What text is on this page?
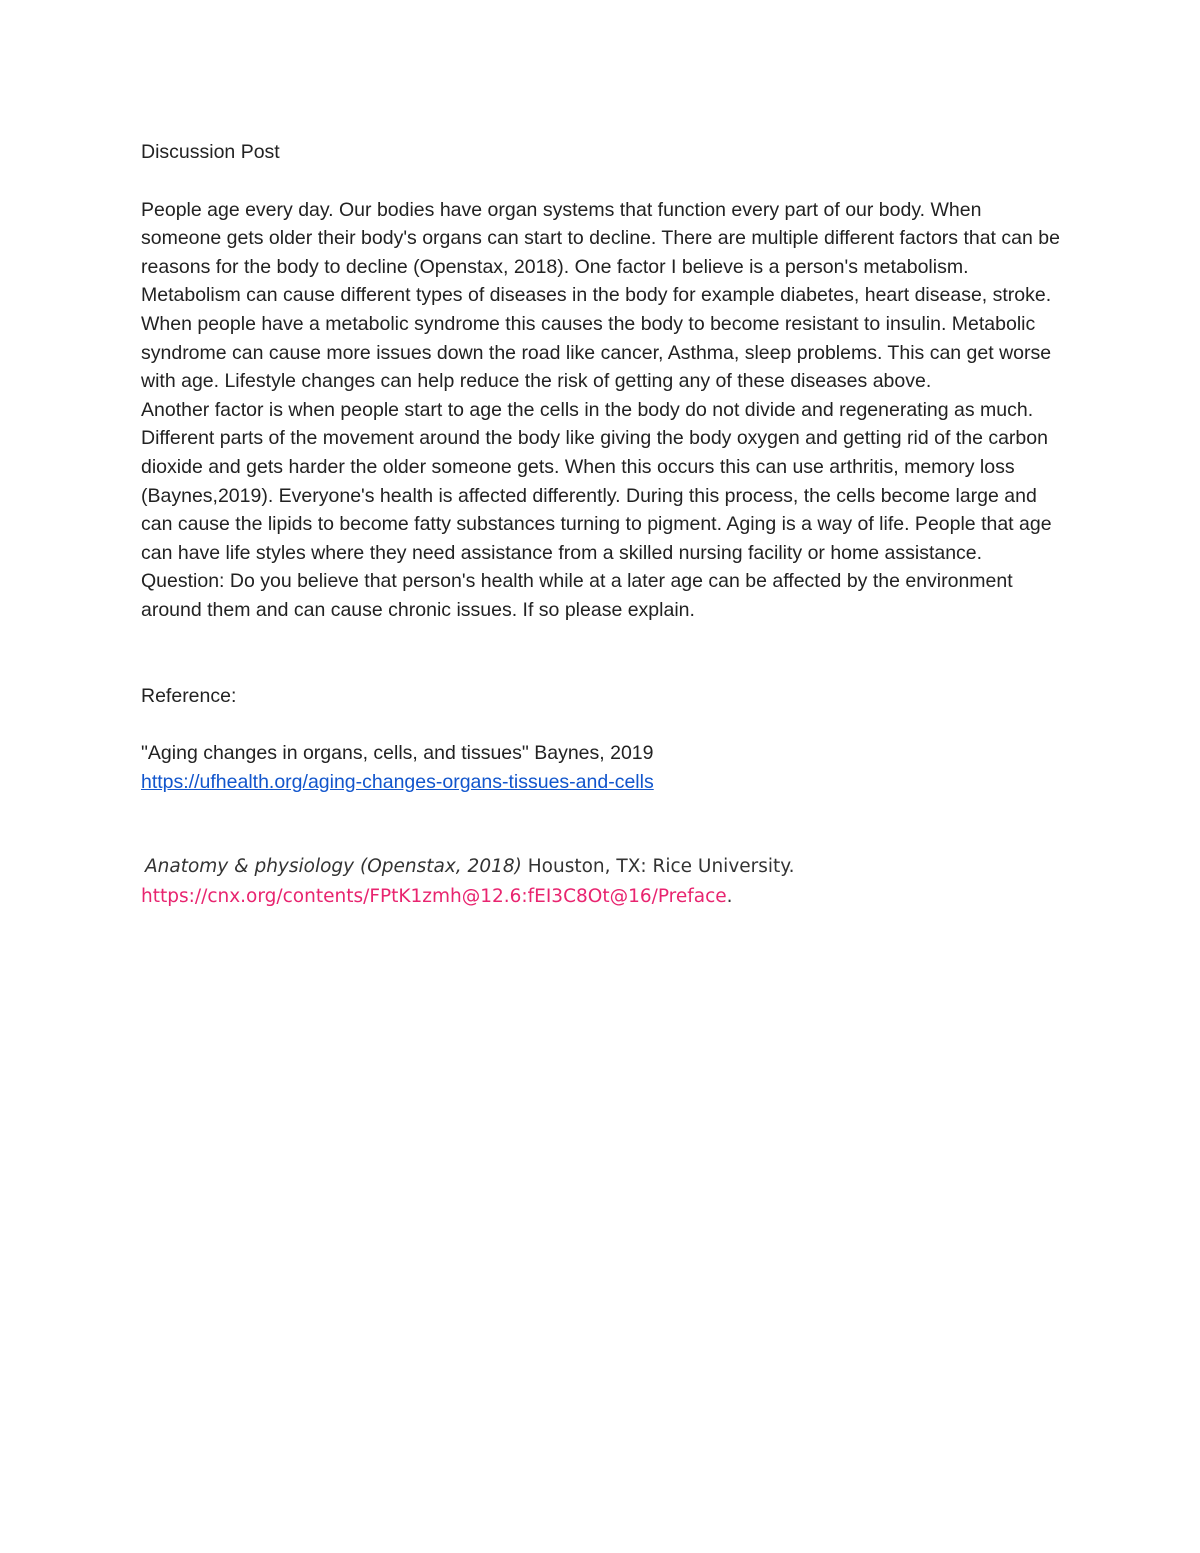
Discussion Post

People age every day. Our bodies have organ systems that function every part of our body. When someone gets older their body's organs can start to decline. There are multiple different factors that can be reasons for the body to decline (Openstax, 2018). One factor I believe is a person's metabolism. Metabolism can cause different types of diseases in the body for example diabetes, heart disease, stroke. When people have a metabolic syndrome this causes the body to become resistant to insulin. Metabolic syndrome can cause more issues down the road like cancer, Asthma, sleep problems. This can get worse with age. Lifestyle changes can help reduce the risk of getting any of these diseases above.

Another factor is when people start to age the cells in the body do not divide and regenerating as much. Different parts of the movement around the body like giving the body oxygen and getting rid of the carbon dioxide and gets harder the older someone gets. When this occurs this can use arthritis, memory loss (Baynes,2019). Everyone's health is affected differently. During this process, the cells become large and can cause the lipids to become fatty substances turning to pigment. Aging is a way of life. People that age can have life styles where they need assistance from a skilled nursing facility or home assistance.

Question: Do you believe that person's health while at a later age can be affected by the environment around them and can cause chronic issues. If so please explain.

Reference:

"Aging changes in organs, cells, and tissues" Baynes, 2019

https://ufhealth.org/aging-changes-organs-tissues-and-cells

Anatomy & physiology (Openstax, 2018) Houston, TX: Rice University.

https://cnx.org/contents/FPtK1zmh@12.6:fEI3C8Ot@16/Preface.
